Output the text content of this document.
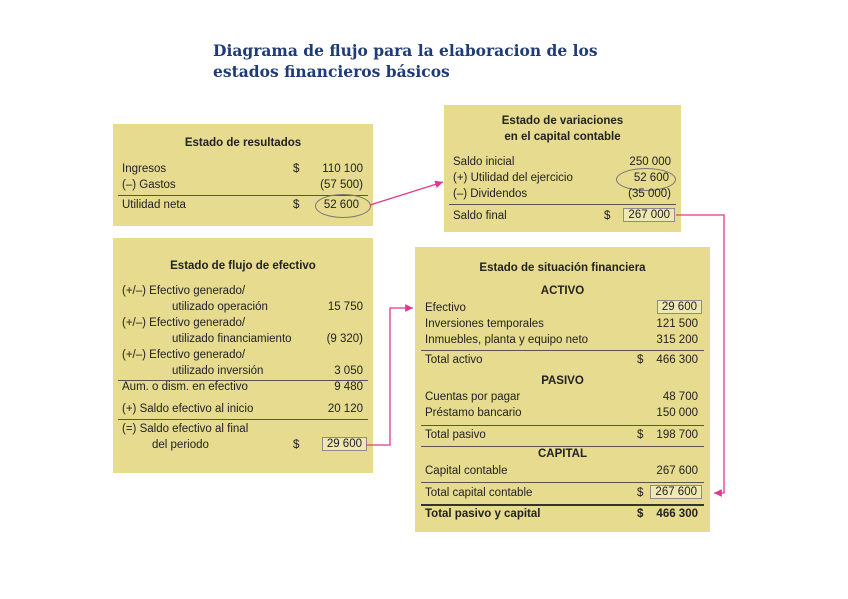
Diagrama de flujo para la elaboracion de los
estados financieros básicos
Estado de resultados
Ingresos	$ 110 100
(–) Gastos	(57 500)
Utilidad neta	$ 52 600
Estado de variaciones
en el capital contable
Saldo inicial	250 000
(+) Utilidad del ejercicio	52 600
(–) Dividendos	(35 000)
Saldo final	$	267 000
Estado de flujo de efectivo
(+/–) Efectivo generado/
utilizado operación	15 750
(+/–) Efectivo generado/
utilizado financiamiento	(9 320)
(+/–) Efectivo generado/
utilizado inversión	3 050
Aum. o dism. en efectivo	9 480
(+) Saldo efectivo al inicio	20 120
(=) Saldo efectivo al final
del periodo	$	29 600
Estado de situación financiera
ACTIVO
Efectivo	29 600
Inversiones temporales	121 500
Inmuebles, planta y equipo neto	315 200
Total activo	$ 466 300
PASIVO
Cuentas por pagar	48 700
Préstamo bancario	150 000
Total pasivo	$ 198 700
CAPITAL
Capital contable	267 600
Total capital contable	$	267 600
Total pasivo y capital	$ 466 300
